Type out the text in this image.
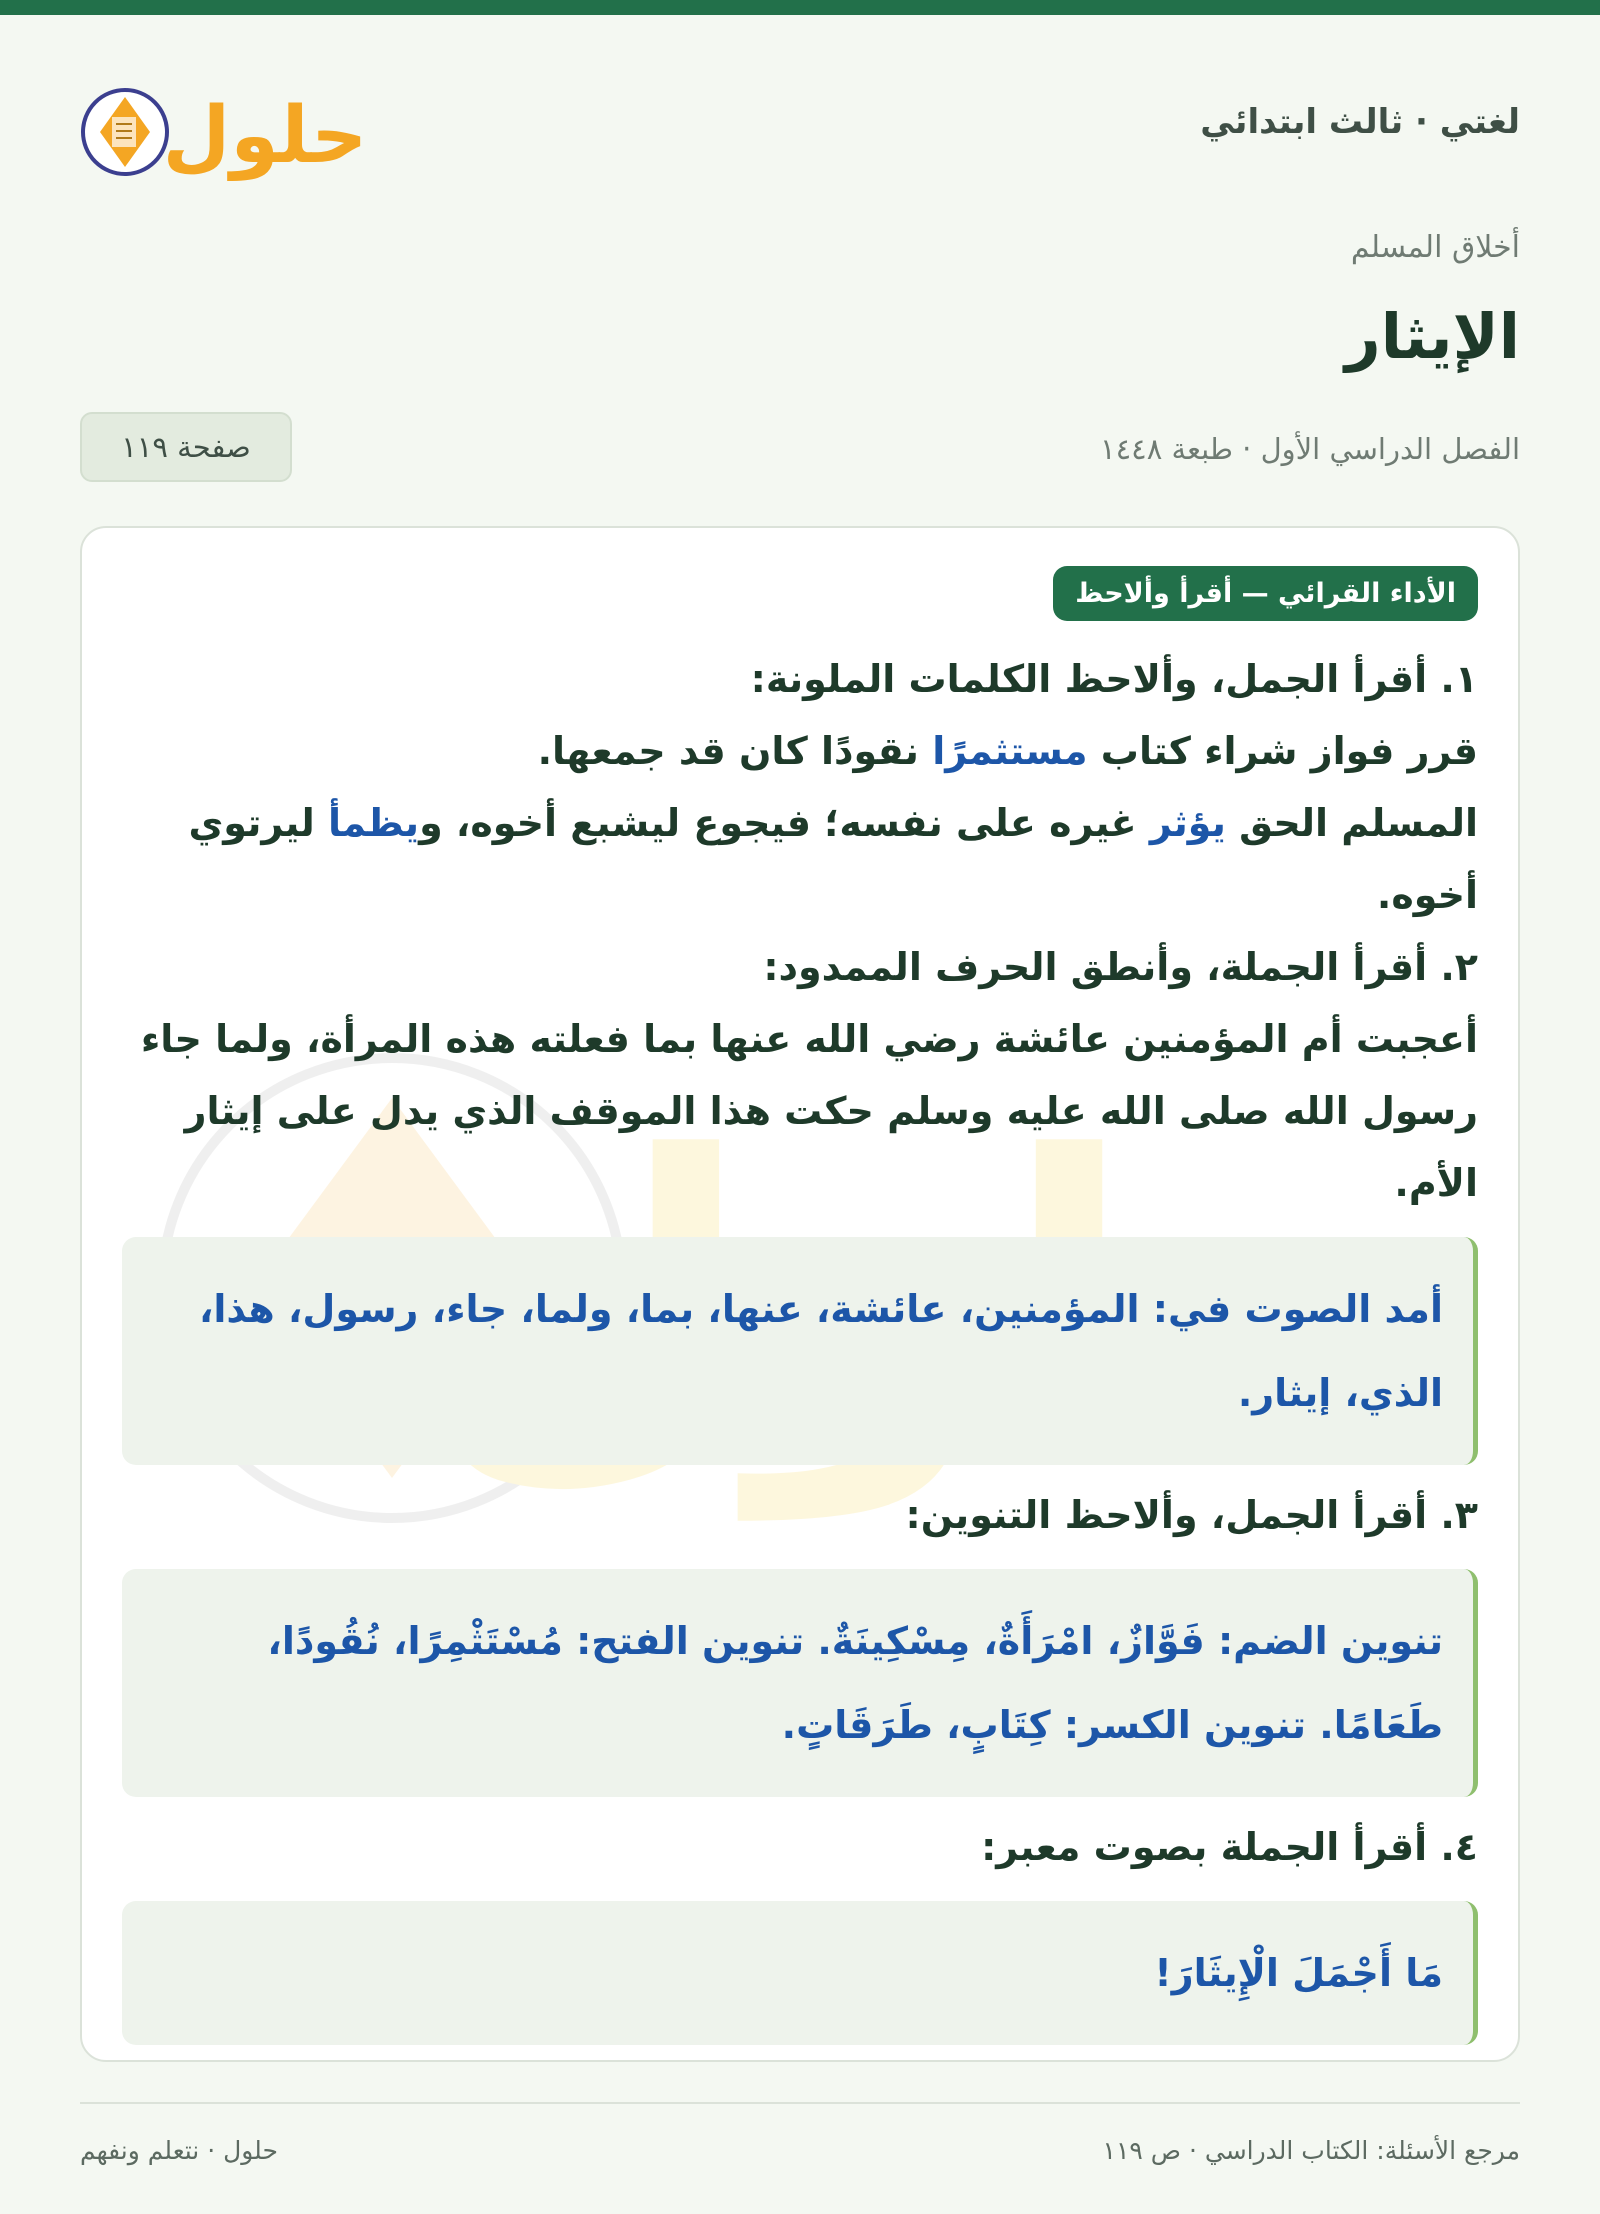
لغتي · ثالث ابتدائي
حلول
أخلاق المسلم
الإيثار
الفصل الدراسي الأول · طبعة ١٤٤٨
صفحة ١١٩
الأداء القرائي — أقرأ وألاحظ
١. أقرأ الجمل، وألاحظ الكلمات الملونة:
قرر فواز شراء كتاب مستثمرًا نقودًا كان قد جمعها.
المسلم الحق يؤثر غيره على نفسه؛ فيجوع ليشبع أخوه، ويظمأ ليرتوي أخوه.
٢. أقرأ الجملة، وأنطق الحرف الممدود:
أعجبت أم المؤمنين عائشة رضي الله عنها بما فعلته هذه المرأة، ولما جاء رسول الله صلى الله عليه وسلم حكت هذا الموقف الذي يدل على إيثار الأم.
أمد الصوت في: المؤمنين، عائشة، عنها، بما، ولما، جاء، رسول، هذا، الذي، إيثار.
٣. أقرأ الجمل، وألاحظ التنوين:
تنوين الضم: فَوَّازٌ، امْرَأَةٌ، مِسْكِينَةٌ. تنوين الفتح: مُسْتَثْمِرًا، نُقُودًا، طَعَامًا. تنوين الكسر: كِتَابٍ، طَرَقَاتٍ.
٤. أقرأ الجملة بصوت معبر:
مَا أَجْمَلَ الْإِيثَارَ!
مرجع الأسئلة: الكتاب الدراسي · ص ١١٩
حلول · نتعلم ونفهم
